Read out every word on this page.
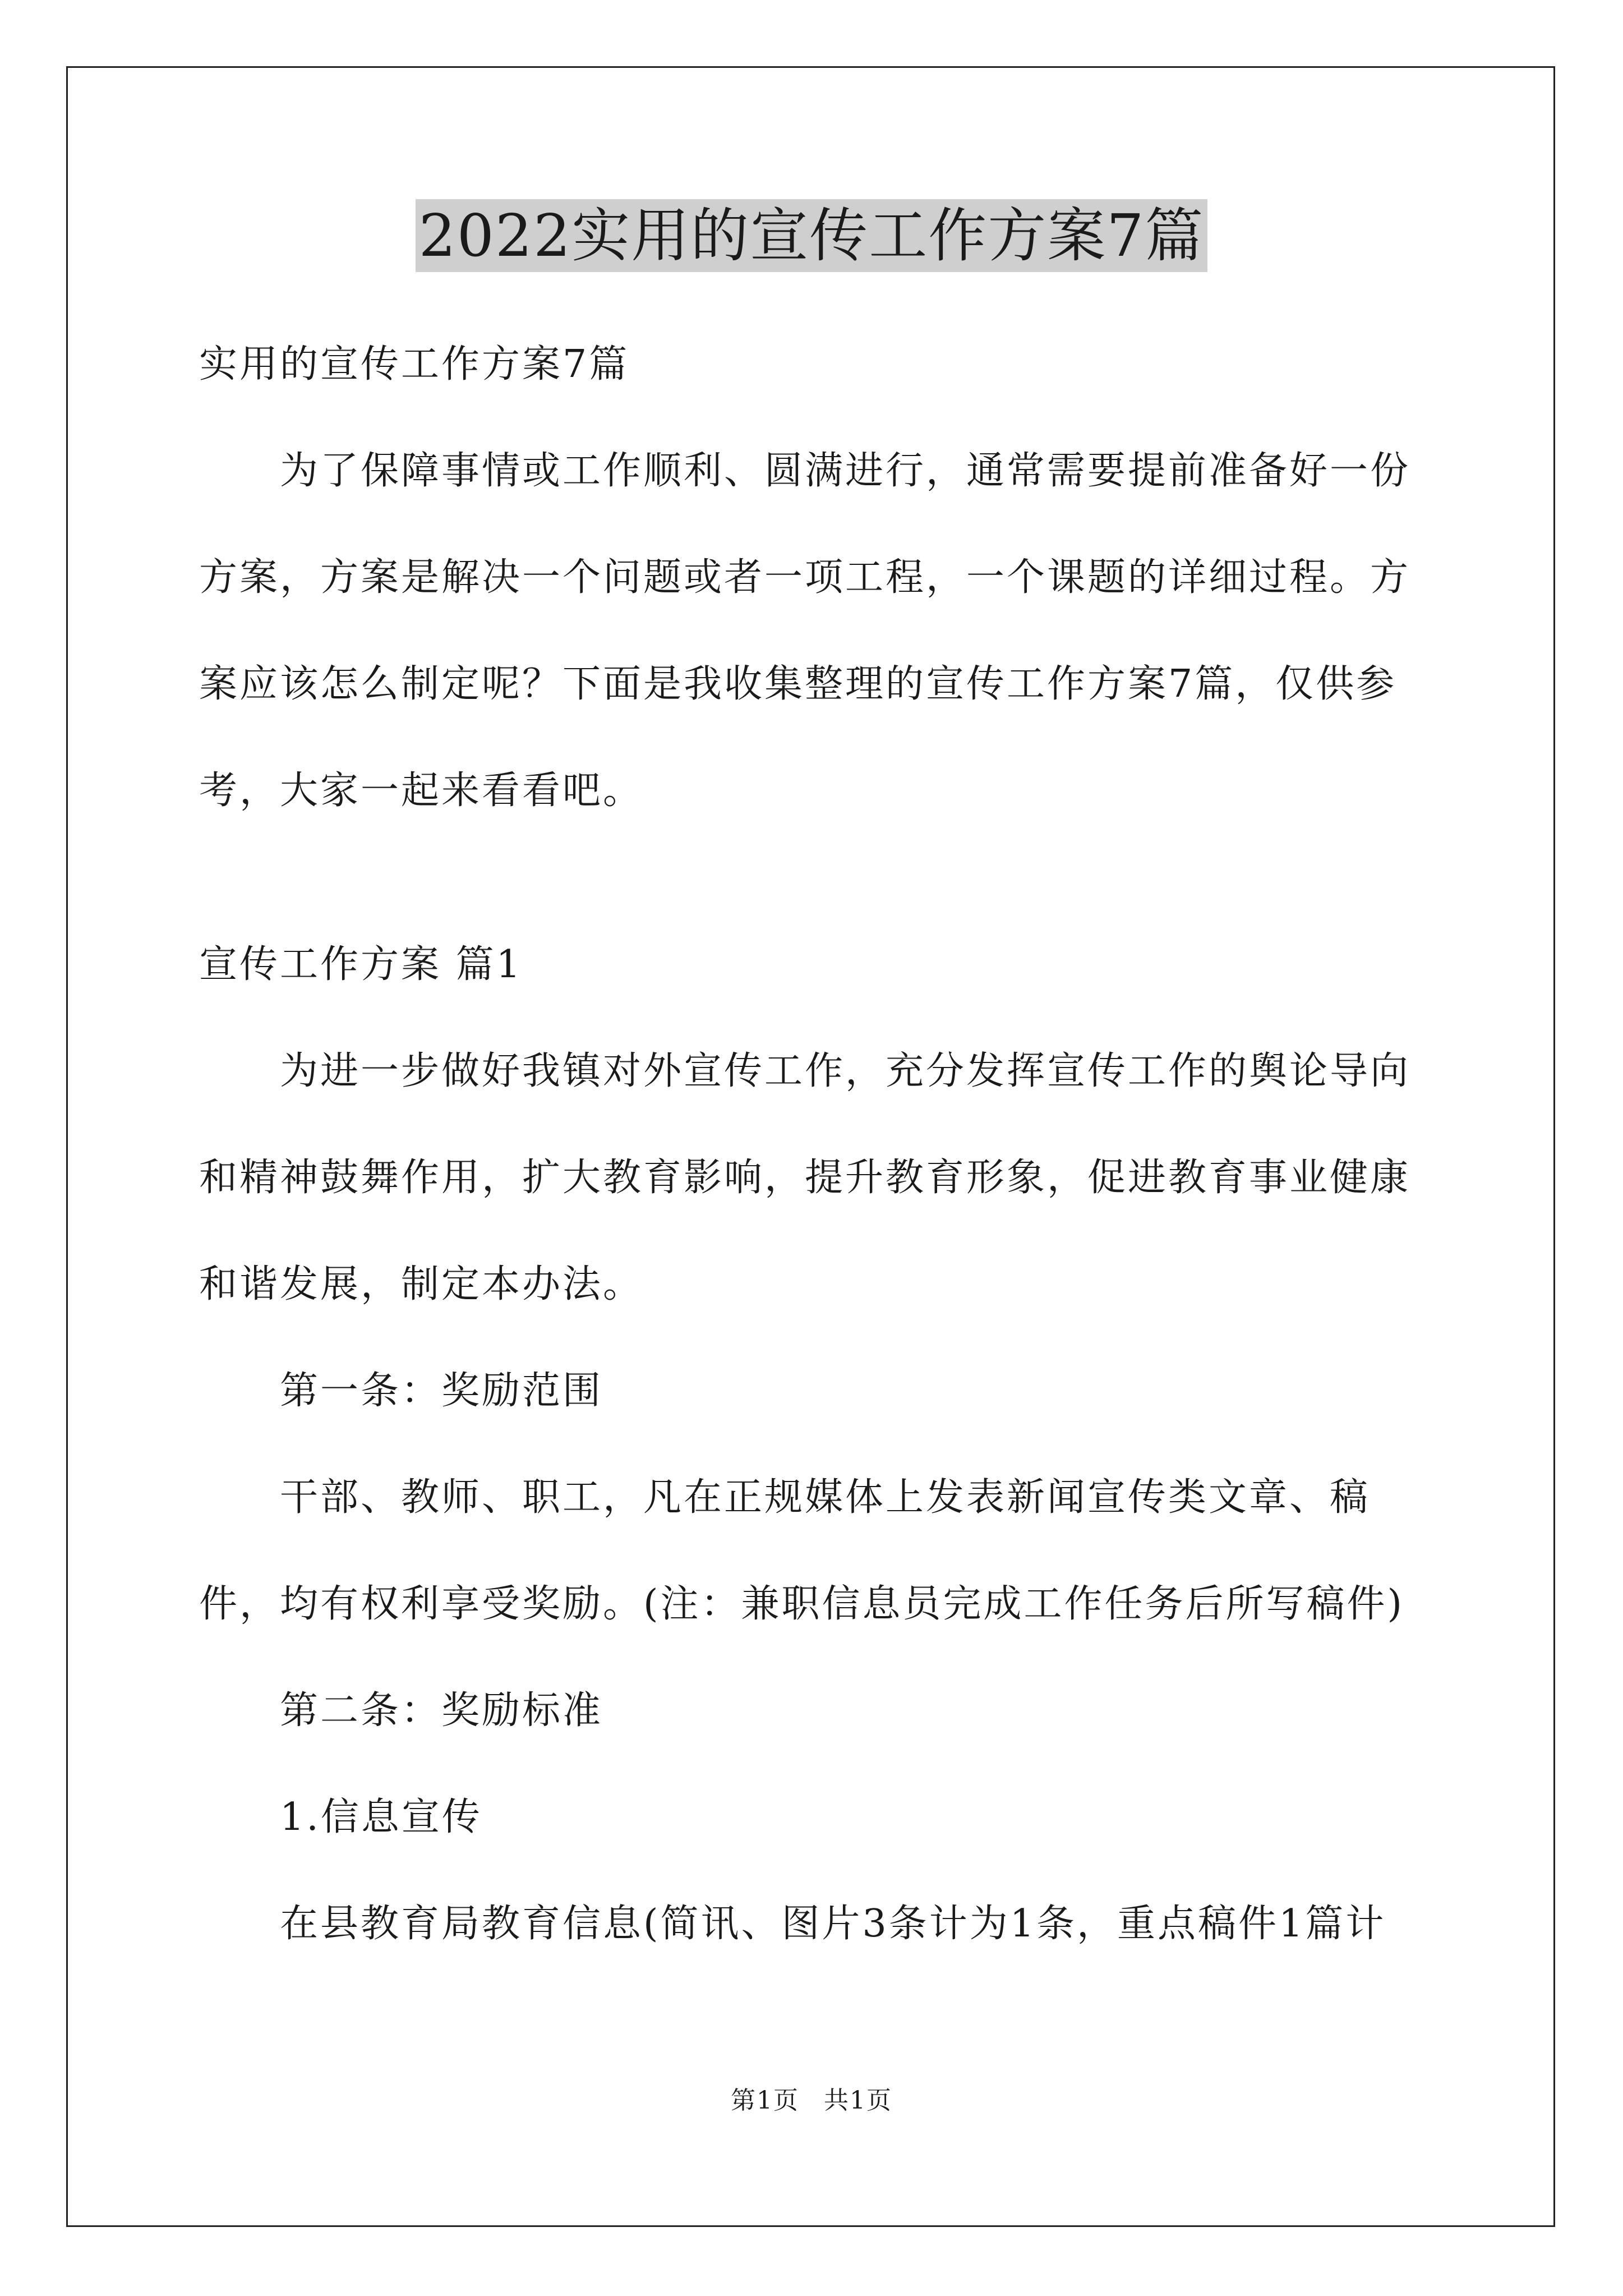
2022实用的宣传工作方案7篇

实用的宣传工作方案7篇

为了保障事情或工作顺利、圆满进行，通常需要提前准备好一份方案，方案是解决一个问题或者一项工程，一个课题的详细过程。方案应该怎么制定呢？下面是我收集整理的宣传工作方案7篇，仅供参考，大家一起来看看吧。

宣传工作方案 篇1

为进一步做好我镇对外宣传工作，充分发挥宣传工作的舆论导向和精神鼓舞作用，扩大教育影响，提升教育形象，促进教育事业健康和谐发展，制定本办法。

第一条：奖励范围

干部、教师、职工，凡在正规媒体上发表新闻宣传类文章、稿件，均有权利享受奖励。(注：兼职信息员完成工作任务后所写稿件)

第二条：奖励标准

1.信息宣传

在县教育局教育信息(简讯、图片3条计为1条，重点稿件1篇计

第1页 共1页
